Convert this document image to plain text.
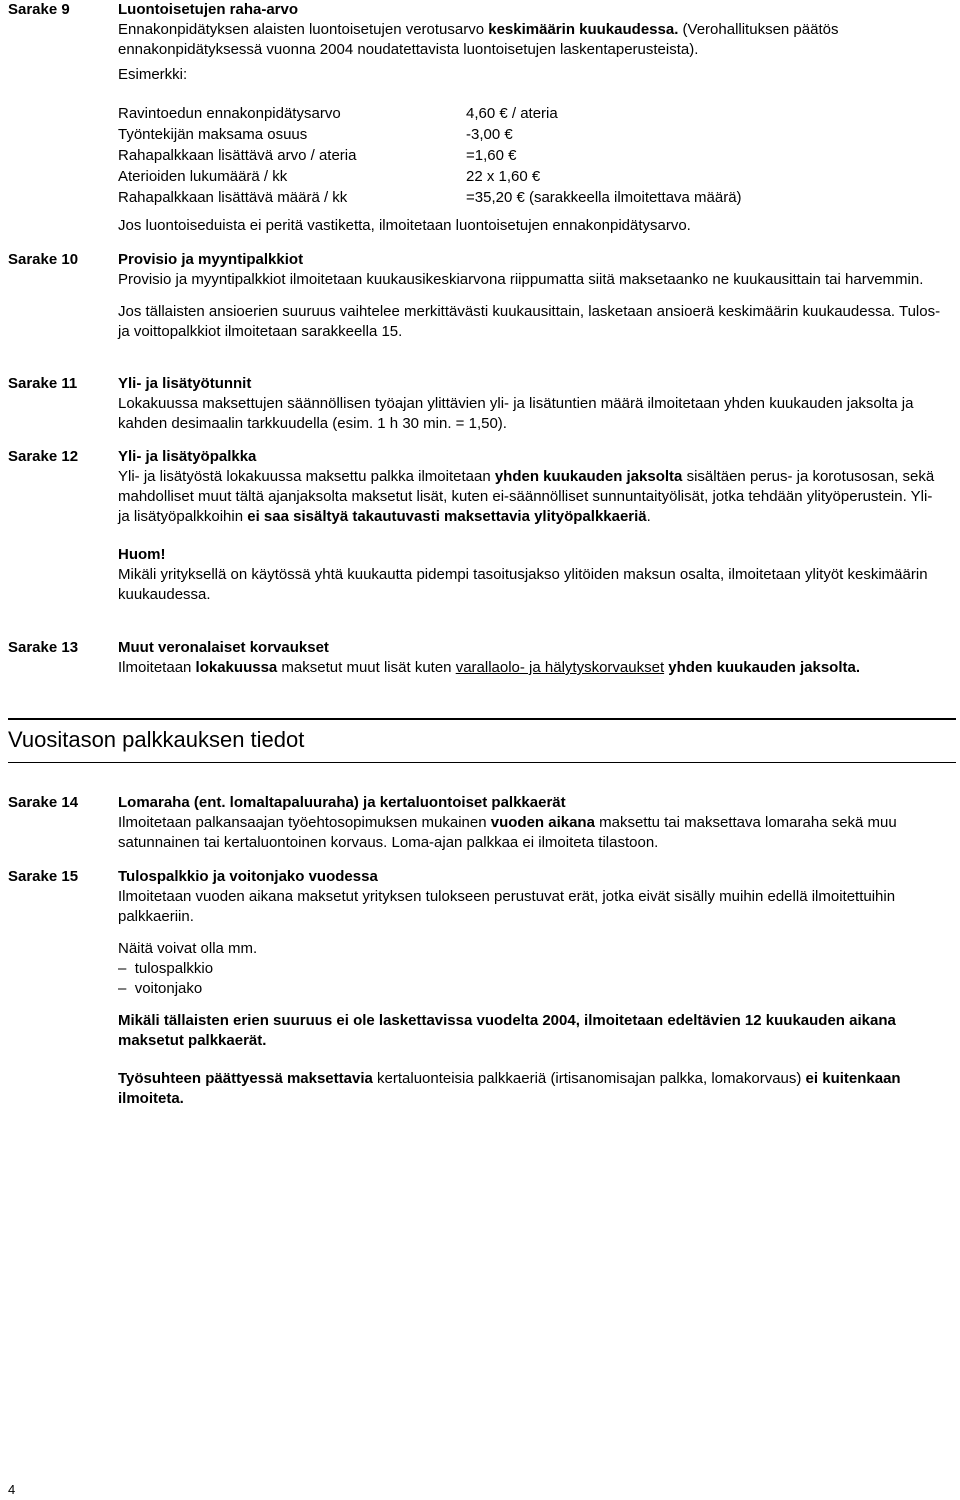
Sarake 9	Luontoisetujen raha-arvo

Ennakonpidätyksen alaisten luontoisetujen verotusarvo keskimäärin kuukaudessa. (Verohallituksen päätös ennakonpidätyksessä vuonna 2004 noudatettavista luontoisetujen laskentaperusteista).

Esimerkki:

Ravintoedun ennakonpidätysarvo	4,60 € / ateria
Työntekijän maksama osuus	-3,00 €
Rahapalkkaan lisättävä arvo / ateria	=1,60 €
Aterioiden lukumäärä / kk	22 x 1,60 €
Rahapalkkaan lisättävä määrä / kk	=35,20 € (sarakkeella ilmoitettava määrä)

Jos luontoiseduista ei peritä vastiketta, ilmoitetaan luontoisetujen ennakonpidätysarvo.

Sarake 10	Provisio ja myyntipalkkiot

Provisio ja myyntipalkkiot ilmoitetaan kuukausikeskiarvona riippumatta siitä maksetaanko ne kuukausittain tai harvemmin.

Jos tällaisten ansioerien suuruus vaihtelee merkittävästi kuukausittain, lasketaan ansioerä keskimäärin kuukaudessa. Tulos- ja voittopalkkiot ilmoitetaan sarakkeella 15.

Sarake 11	Yli- ja lisätyötunnit

Lokakuussa maksettujen säännöllisen työajan ylittävien yli- ja lisätuntien määrä ilmoitetaan yhden kuukauden jaksolta ja kahden desimaalin tarkkuudella (esim. 1 h 30 min. = 1,50).

Sarake 12	Yli- ja lisätyöpalkka

Yli- ja lisätyöstä lokakuussa maksettu palkka ilmoitetaan yhden kuukauden jaksolta sisältäen perus- ja korotusosan, sekä mahdolliset muut tältä ajanjaksolta maksetut lisät, kuten ei-säännölliset sunnuntaityölisät, jotka tehdään ylityöperustein. Yli- ja lisätyöpalkkoihin ei saa sisältyä takautuvasti maksettavia ylityöpalkkaeriä.

Huom!

Mikäli yrityksellä on käytössä yhtä kuukautta pidempi tasoitusjakso ylitöiden maksun osalta, ilmoitetaan ylityöt keskimäärin kuukaudessa.

Sarake 13	Muut veronalaiset korvaukset

Ilmoitetaan lokakuussa maksetut muut lisät kuten varallaolo- ja hälytyskorvaukset yhden kuukauden jaksolta.

Vuositason palkkauksen tiedot
Sarake 14	Lomaraha (ent. lomaltapaluuraha) ja kertaluontoiset palkkaerät

Ilmoitetaan palkansaajan työehtosopimuksen mukainen vuoden aikana maksettu tai maksettava lomaraha sekä muu satunnainen tai kertaluontoinen korvaus. Loma-ajan palkkaa ei ilmoiteta tilastoon.

Sarake 15	Tulospalkkio ja voitonjako vuodessa

Ilmoitetaan vuoden aikana maksetut yrityksen tulokseen perustuvat erät, jotka eivät sisälly muihin edellä ilmoitettuihin palkkaeriin.

Näitä voivat olla mm.

–  tulospalkkio

–  voitonjako

Mikäli tällaisten erien suuruus ei ole laskettavissa vuodelta 2004, ilmoitetaan edeltävien 12 kuukauden aikana maksetut palkkaerät.

Työsuhteen päättyessä maksettavia kertaluonteisia palkkaeriä (irtisanomisajan palkka, lomakorvaus) ei kuitenkaan ilmoiteta.

4
